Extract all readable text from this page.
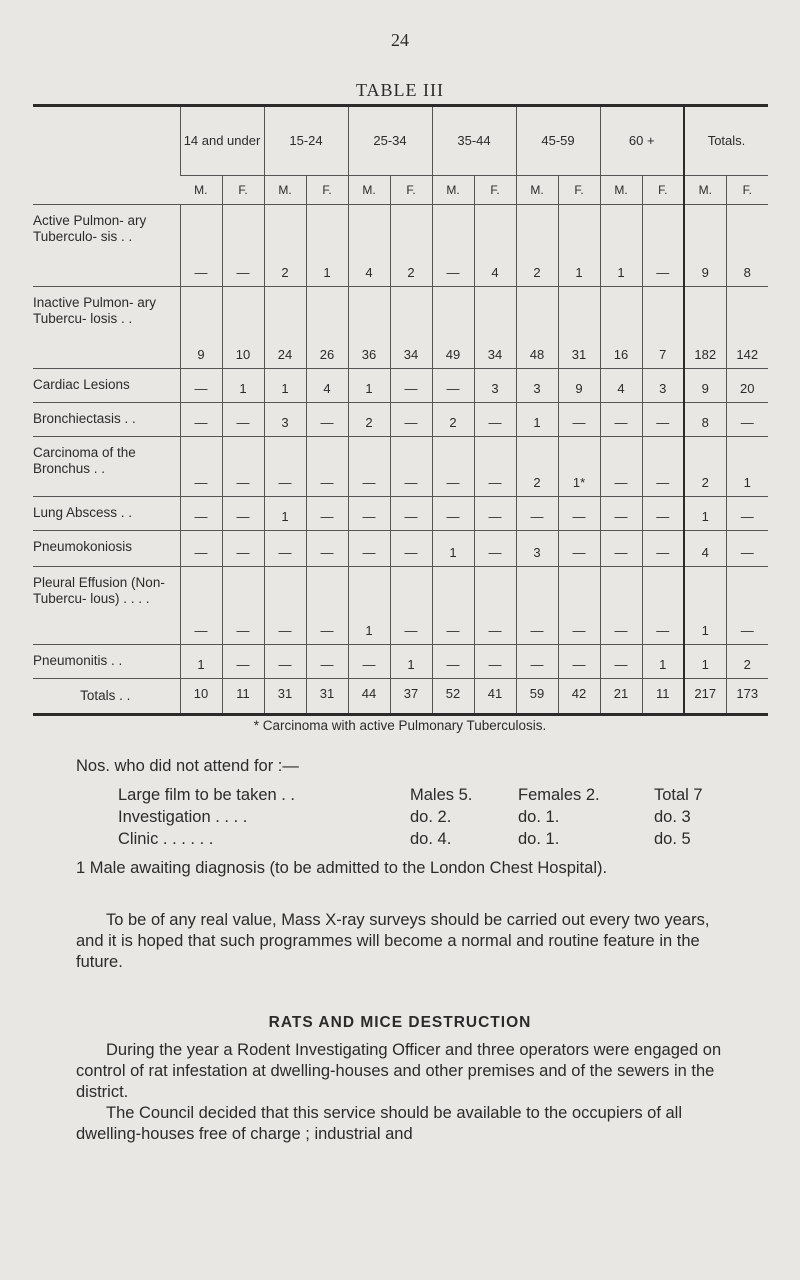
24
TABLE III
	14 and under		15-24		25-34		35-44		45-59		60 +		Totals.	
	M.	F.	M.	F.	M.	F.	M.	F.	M.	F.	M.	F.	M.	F.
Active Pulmon- ary Tuberculo- sis . .	—	—	2	1	4	2	—	4	2	1	1	—	9	8
Inactive Pulmon- ary Tubercu- losis . .	9	10	24	26	36	34	49	34	48	31	16	7	182	142
Cardiac Lesions	—	1	1	4	1	—	—	3	3	9	4	3	9	20
Bronchiectasis . .	—	—	3	—	2	—	2	—	1	—	—	—	8	—
Carcinoma of the Bronchus . .	—	—	—	—	—	—	—	—	2	1*	—	—	2	1
Lung Abscess . .	—	—	1	—	—	—	—	—	—	—	—	—	1	—
Pneumokoniosis	—	—	—	—	—	—	1	—	3	—	—	—	4	—
Pleural Effusion (Non-Tubercu- lous) . . . .	—	—	—	—	1	—	—	—	—	—	—	—	1	—
Pneumonitis . .	1	—	—	—	—	1	—	—	—	—	—	1	1	2
Totals . .	10	11	31	31	44	37	52	41	59	42	21	11	217	173
* Carcinoma with active Pulmonary Tuberculosis.
Nos. who did not attend for :—
Large film to be taken . .	Males 5.	Females 2.	Total 7
Investigation . . . .	do. 2.	do. 1.	do. 3
Clinic . . . . . .	do. 4.	do. 1.	do. 5
1 Male awaiting diagnosis (to be admitted to the London Chest Hospital).

To be of any real value, Mass X-ray surveys should be carried out every two years, and it is hoped that such programmes will become a normal and routine feature in the future.

RATS AND MICE DESTRUCTION

During the year a Rodent Investigating Officer and three operators were engaged on control of rat infestation at dwelling-houses and other premises and of the sewers in the district.

The Council decided that this service should be available to the occupiers of all dwelling-houses free of charge ; industrial and
